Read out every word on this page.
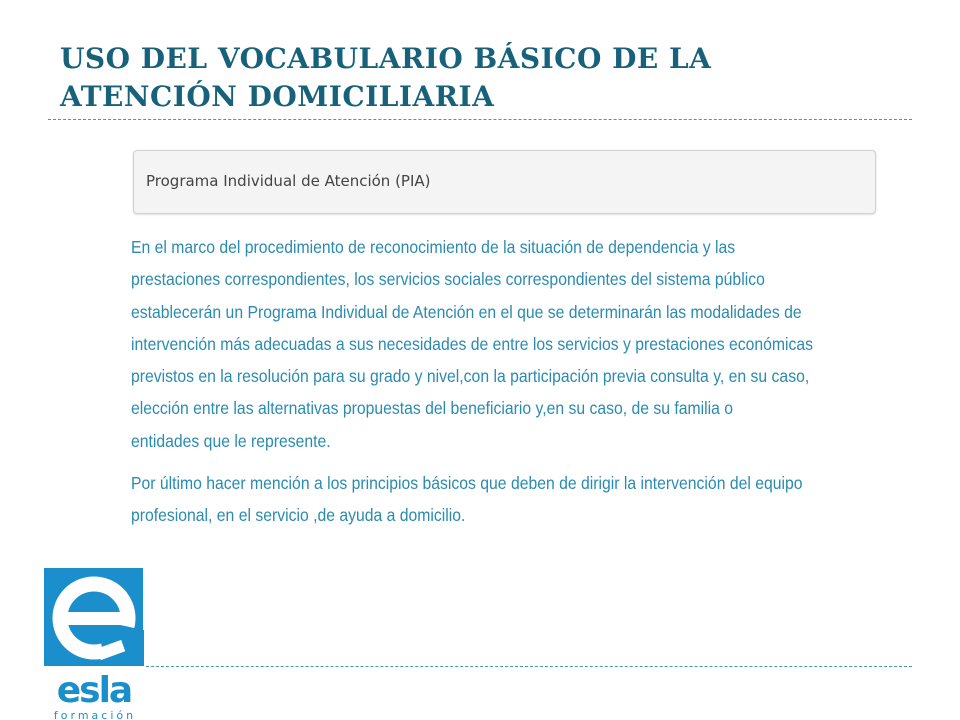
USO DEL VOCABULARIO BÁSICO DE LA
ATENCIÓN DOMICILIARIA
Programa Individual de Atención (PIA)

En el marco del procedimiento de reconocimiento de la situación de dependencia y las
prestaciones correspondientes, los servicios sociales correspondientes del sistema público
establecerán un Programa Individual de Atención en el que se determinarán las modalidades de
intervención más adecuadas a sus necesidades de entre los servicios y prestaciones económicas
previstos en la resolución para su grado y nivel,con la participación previa consulta y, en su caso,
elección entre las alternativas propuestas del beneficiario y,en su caso, de su familia o
entidades que le represente.

Por último hacer mención a los principios básicos que deben de dirigir la intervención del equipo
profesional, en el servicio ,de ayuda a domicilio.

esla
formación
